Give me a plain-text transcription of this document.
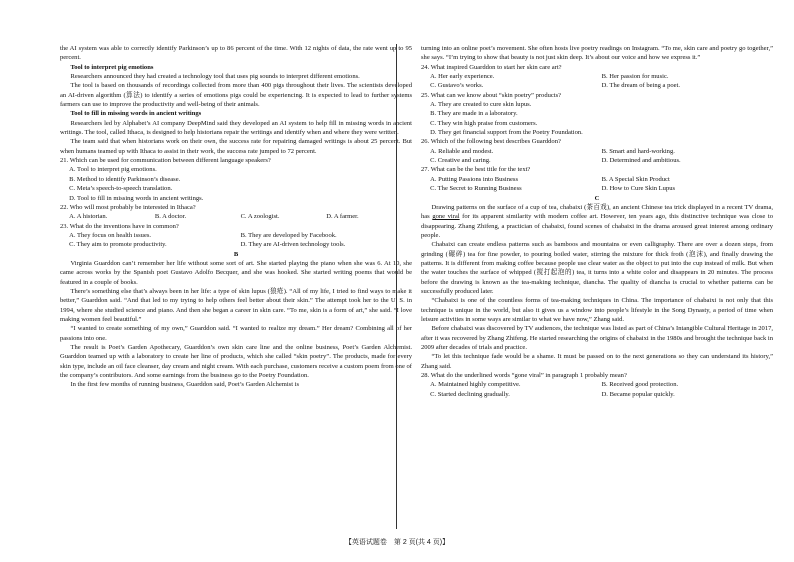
the AI system was able to correctly identify Parkinson’s up to 86 percent of the time. With 12 nights of data, the rate went up to 95 percent.

Tool to interpret pig emotions

Researchers announced they had created a technology tool that uses pig sounds to interpret different emotions.

The tool is based on thousands of recordings collected from more than 400 pigs throughout their lives. The scientists developed an AI-driven algorithm (算法) to identify a series of emotions pigs could be experiencing. It is expected to lead to further systems farmers can use to improve the productivity and well-being of their animals.

Tool to fill in missing words in ancient writings

Researchers led by Alphabet’s AI company DeepMind said they developed an AI system to help fill in missing words in ancient writings. The tool, called Ithaca, is designed to help historians repair the writings and identify when and where they were written.

The team said that when historians work on their own, the success rate for repairing damaged writings is about 25 percent. But when humans teamed up with Ithaca to assist in their work, the success rate jumped to 72 percent.

21. Which can be used for communication between different language speakers?

A. Tool to interpret pig emotions.

B. Method to identify Parkinson’s disease.

C. Meta’s speech-to-speech translation.

D. Tool to fill in missing words in ancient writings.

22. Who will most probably be interested in Ithaca?

A. A historian.	B. A doctor.	C. A zoologist.	D. A farmer.

23. What do the inventions have in common?

A. They focus on health issues.	B. They are developed by Facebook.
C. They aim to promote productivity.	D. They are AI-driven technology tools.

B

Virginia Guarddon can’t remember her life without some sort of art. She started playing the piano when she was 6. At 10, she came across works by the Spanish poet Gustavo Adolfo Becquer, and she was hooked. She started writing poems that would be featured in a couple of books.

There’s something else that’s always been in her life: a type of skin lupus (狼疮). “All of my life, I tried to find ways to make it better,” Guarddon said. “And that led to my trying to help others feel better about their skin.” The attempt took her to the U. S. in 1994, where she studied science and piano. And then she began a career in skin care. “To me, skin is a form of art,” she said. “I love making women feel beautiful.”

“I wanted to create something of my own,” Guarddon said. “I wanted to realize my dream.” Her dream? Combining all of her passions into one.

The result is Poet’s Garden Apothecary, Guarddon’s own skin care line and the online business, Poet’s Garden Alchemist. Guarddon teamed up with a laboratory to create her line of products, which she called “skin poetry”. The products, made for every skin type, include an oil face cleanser, day cream and night cream. With each purchase, customers receive a custom poem from one of the company’s contributors. And some earnings from the business go to the Poetry Foundation.

In the first few months of running business, Guarddon said, Poet’s Garden Alchemist is

turning into an online poet’s movement. She often hosts live poetry readings on Instagram. “To me, skin care and poetry go together,” she says. “I’m trying to show that beauty is not just skin deep. It’s about our voice and how we express it.”

24. What inspired Guarddon to start her skin care art?

A. Her early experience.	B. Her passion for music.
C. Gustavo’s works.	D. The dream of being a poet.

25. What can we know about “skin poetry” products?

A. They are created to cure skin lupus.

B. They are made in a laboratory.

C. They win high praise from customers.

D. They get financial support from the Poetry Foundation.

26. Which of the following best describes Guarddon?

A. Reliable and modest.	B. Smart and hard-working.
C. Creative and caring.	D. Determined and ambitious.

27. What can be the best title for the text?

A. Putting Passions into Business	B. A Special Skin Product
C. The Secret to Running Business	D. How to Cure Skin Lupus

C

Drawing patterns on the surface of a cup of tea, chabaixi (茶百戏), an ancient Chinese tea trick displayed in a recent TV drama, has gone viral for its apparent similarity with modern coffee art. However, ten years ago, this distinctive technique was close to disappearing. Zhang Zhifeng, a practician of chabaixi, found scenes of chabaixi in the drama aroused great interest among ordinary people.

Chabaixi can create endless patterns such as bamboos and mountains or even calligraphy. There are over a dozen steps, from grinding (碾碎) tea for fine powder, to pouring boiled water, stirring the mixture for thick froth (泡沫), and finally drawing the patterns. It is different from making coffee because people use clear water as the object to put into the cup instead of milk. But when the water touches the surface of whipped (搅打起泡的) tea, it turns into a white color and disappears in 20 minutes. The process before the drawing is known as the tea-making technique, diancha. The quality of diancha is crucial to whether patterns can be successfully produced later.

“Chabaixi is one of the countless forms of tea-making techniques in China. The importance of chabaixi is not only that this technique is unique in the world, but also it gives us a window into people’s lifestyle in the Song Dynasty, a period of time when leisure activities in some ways are similar to what we have now,” Zhang said.

Before chabaixi was discovered by TV audiences, the technique was listed as part of China’s Intangible Cultural Heritage in 2017, after it was recovered by Zhang Zhifeng. He started researching the origins of chabaixi in the 1980s and brought the technique back in 2009 after decades of trials and practice.

“To let this technique fade would be a shame. It must be passed on to the next generations so they can understand its history,” Zhang said.

28. What do the underlined words “gone viral” in paragraph 1 probably mean?

A. Maintained highly competitive.	B. Received good protection.
C. Started declining gradually.	D. Became popular quickly.
【英语试题卷　第 2 页(共 4 页)】
